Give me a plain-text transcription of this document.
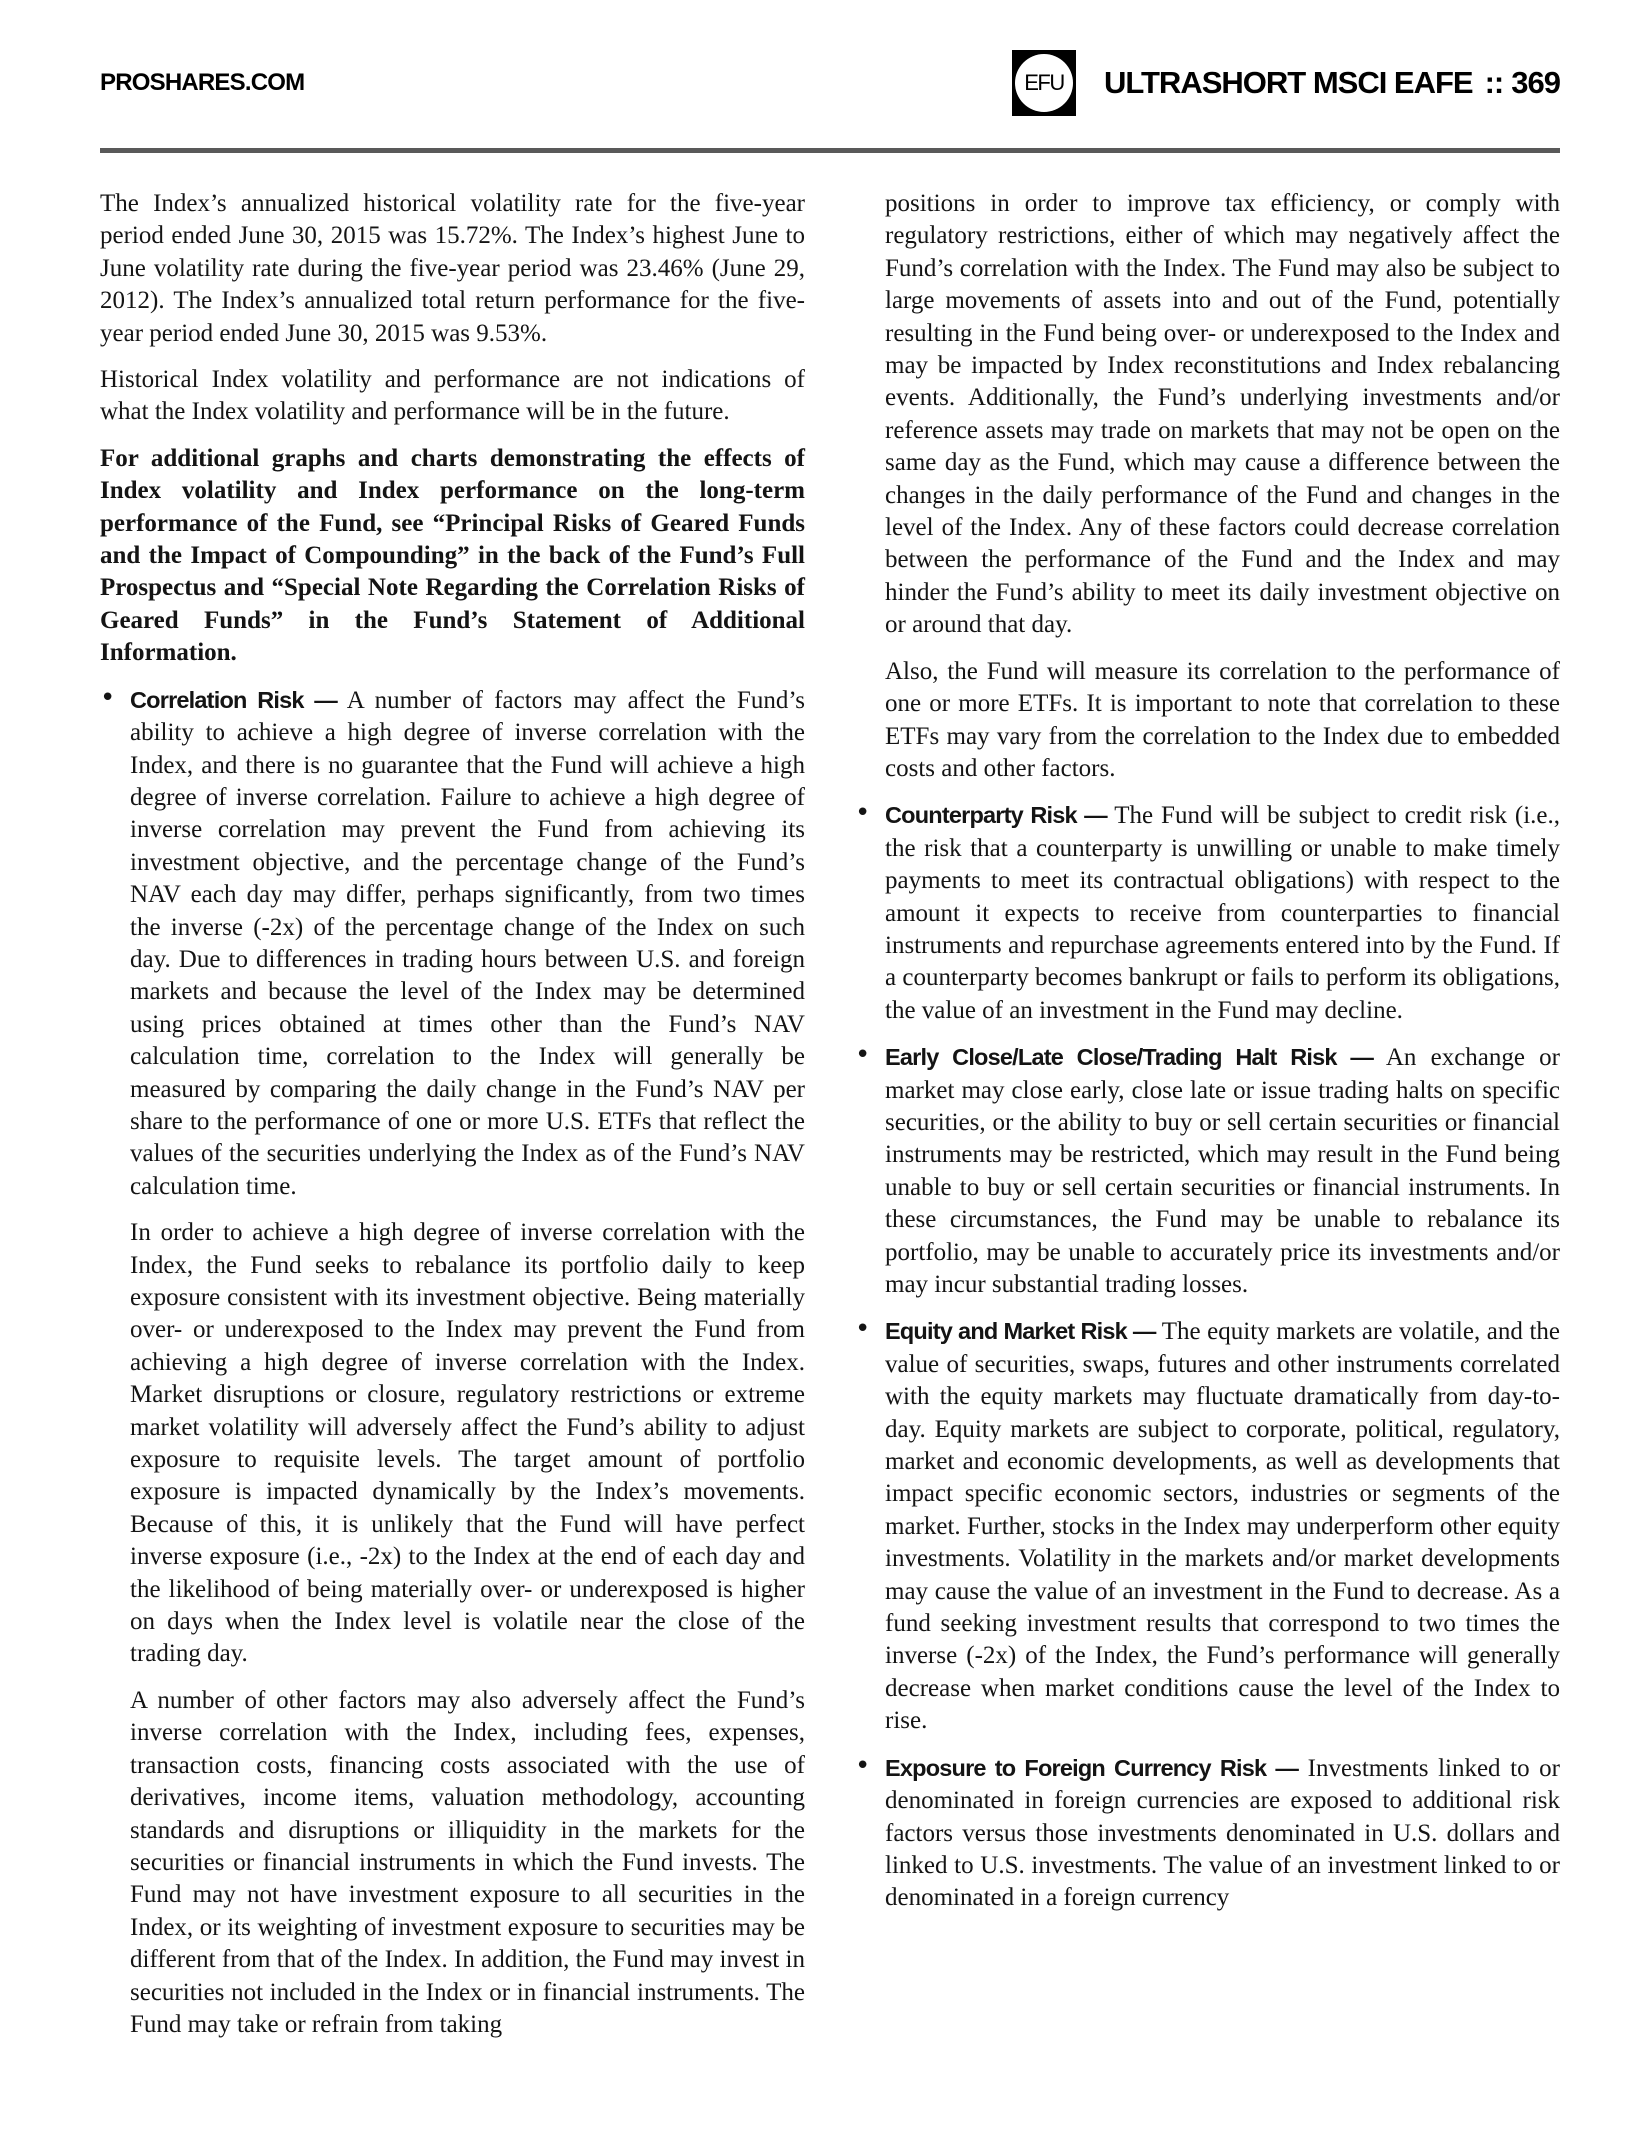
PROSHARES.COM	EFU ULTRASHORT MSCI EAFE :: 369

The Index’s annualized historical volatility rate for the five-year period ended June 30, 2015 was 15.72%. The Index’s highest June to June volatility rate during the five-year period was 23.46% (June 29, 2012). The Index’s annualized total return performance for the five-year period ended June 30, 2015 was 9.53%.

Historical Index volatility and performance are not indications of what the Index volatility and performance will be in the future.

For additional graphs and charts demonstrating the effects of Index volatility and Index performance on the long-term performance of the Fund, see “Principal Risks of Geared Funds and the Impact of Compounding” in the back of the Fund’s Full Prospectus and “Special Note Regarding the Correlation Risks of Geared Funds” in the Fund’s Statement of Additional Information.

• Correlation Risk — A number of factors may affect the Fund’s ability to achieve a high degree of inverse correlation with the Index, and there is no guarantee that the Fund will achieve a high degree of inverse correlation. Failure to achieve a high degree of inverse correlation may prevent the Fund from achieving its investment objective, and the percentage change of the Fund’s NAV each day may differ, perhaps significantly, from two times the inverse (-2x) of the percentage change of the Index on such day. Due to differences in trading hours between U.S. and foreign markets and because the level of the Index may be determined using prices obtained at times other than the Fund’s NAV calculation time, correlation to the Index will generally be measured by comparing the daily change in the Fund’s NAV per share to the performance of one or more U.S. ETFs that reflect the values of the securities underlying the Index as of the Fund’s NAV calculation time.

In order to achieve a high degree of inverse correlation with the Index, the Fund seeks to rebalance its portfolio daily to keep exposure consistent with its investment objective. Being materially over- or underexposed to the Index may prevent the Fund from achieving a high degree of inverse correlation with the Index. Market disruptions or closure, regulatory restrictions or extreme market volatility will adversely affect the Fund’s ability to adjust exposure to requisite levels. The target amount of portfolio exposure is impacted dynamically by the Index’s movements. Because of this, it is unlikely that the Fund will have perfect inverse exposure (i.e., -2x) to the Index at the end of each day and the likelihood of being materially over- or underexposed is higher on days when the Index level is volatile near the close of the trading day.

A number of other factors may also adversely affect the Fund’s inverse correlation with the Index, including fees, expenses, transaction costs, financing costs associated with the use of derivatives, income items, valuation methodology, accounting standards and disruptions or illiquidity in the markets for the securities or financial instruments in which the Fund invests. The Fund may not have investment exposure to all securities in the Index, or its weighting of investment exposure to securities may be different from that of the Index. In addition, the Fund may invest in securities not included in the Index or in financial instruments. The Fund may take or refrain from taking

positions in order to improve tax efficiency, or comply with regulatory restrictions, either of which may negatively affect the Fund’s correlation with the Index. The Fund may also be subject to large movements of assets into and out of the Fund, potentially resulting in the Fund being over- or underexposed to the Index and may be impacted by Index reconstitutions and Index rebalancing events. Additionally, the Fund’s underlying investments and/or reference assets may trade on markets that may not be open on the same day as the Fund, which may cause a difference between the changes in the daily performance of the Fund and changes in the level of the Index. Any of these factors could decrease correlation between the performance of the Fund and the Index and may hinder the Fund’s ability to meet its daily investment objective on or around that day.

Also, the Fund will measure its correlation to the performance of one or more ETFs. It is important to note that correlation to these ETFs may vary from the correlation to the Index due to embedded costs and other factors.

• Counterparty Risk — The Fund will be subject to credit risk (i.e., the risk that a counterparty is unwilling or unable to make timely payments to meet its contractual obligations) with respect to the amount it expects to receive from counterparties to financial instruments and repurchase agreements entered into by the Fund. If a counterparty becomes bankrupt or fails to perform its obligations, the value of an investment in the Fund may decline.

• Early Close/Late Close/Trading Halt Risk — An exchange or market may close early, close late or issue trading halts on specific securities, or the ability to buy or sell certain securities or financial instruments may be restricted, which may result in the Fund being unable to buy or sell certain securities or financial instruments. In these circumstances, the Fund may be unable to rebalance its portfolio, may be unable to accurately price its investments and/or may incur substantial trading losses.

• Equity and Market Risk — The equity markets are volatile, and the value of securities, swaps, futures and other instruments correlated with the equity markets may fluctuate dramatically from day-to-day. Equity markets are subject to corporate, political, regulatory, market and economic developments, as well as developments that impact specific economic sectors, industries or segments of the market. Further, stocks in the Index may underperform other equity investments. Volatility in the markets and/or market developments may cause the value of an investment in the Fund to decrease. As a fund seeking investment results that correspond to two times the inverse (-2x) of the Index, the Fund’s performance will generally decrease when market conditions cause the level of the Index to rise.

• Exposure to Foreign Currency Risk — Investments linked to or denominated in foreign currencies are exposed to additional risk factors versus those investments denominated in U.S. dollars and linked to U.S. investments. The value of an investment linked to or denominated in a foreign currency
